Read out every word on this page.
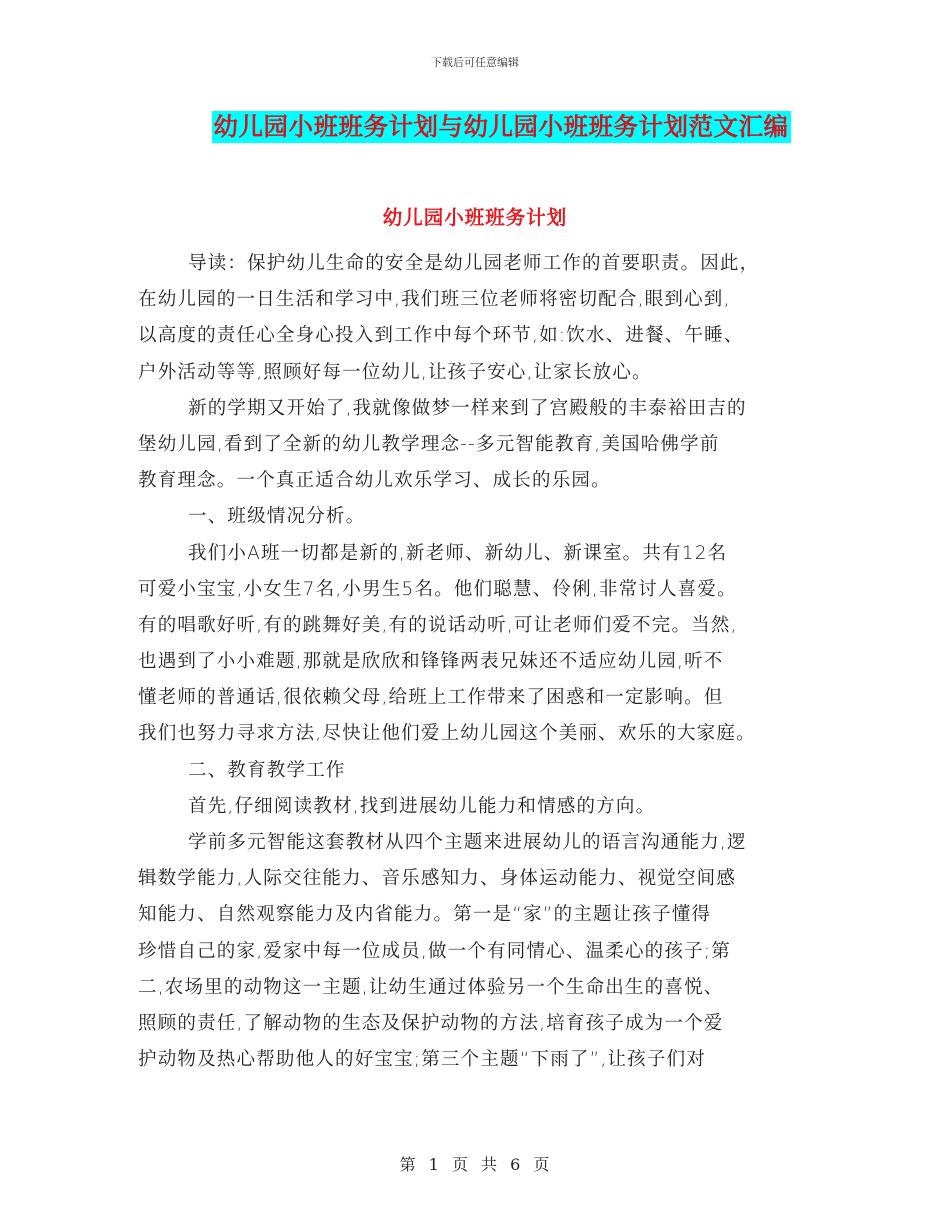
下载后可任意编辑
幼儿园小班班务计划与幼儿园小班班务计划范文汇编
幼儿园小班班务计划
导读：保护幼儿生命的安全是幼儿园老师工作的首要职责。因此，
在幼儿园的一日生活和学习中,我们班三位老师将密切配合,眼到心到,
以高度的责任心全身心投入到工作中每个环节,如:饮水、进餐、午睡、
户外活动等等,照顾好每一位幼儿,让孩子安心,让家长放心。
新的学期又开始了,我就像做梦一样来到了宫殿般的丰泰裕田吉的
堡幼儿园,看到了全新的幼儿教学理念--多元智能教育,美国哈佛学前
教育理念。一个真正适合幼儿欢乐学习、成长的乐园。
一、班级情况分析。
我们小A班一切都是新的,新老师、新幼儿、新课室。共有12名
可爱小宝宝,小女生7名,小男生5名。他们聪慧、伶俐,非常讨人喜爱。
有的唱歌好听,有的跳舞好美,有的说话动听,可让老师们爱不完。当然,
也遇到了小小难题,那就是欣欣和锋锋两表兄妹还不适应幼儿园,听不
懂老师的普通话,很依赖父母,给班上工作带来了困惑和一定影响。但
我们也努力寻求方法,尽快让他们爱上幼儿园这个美丽、欢乐的大家庭。
二、教育教学工作
首先,仔细阅读教材,找到进展幼儿能力和情感的方向。
学前多元智能这套教材从四个主题来进展幼儿的语言沟通能力,逻
辑数学能力,人际交往能力、音乐感知力、身体运动能力、视觉空间感
知能力、自然观察能力及内省能力。第一是“家”的主题让孩子懂得
珍惜自己的家,爱家中每一位成员,做一个有同情心、温柔心的孩子;第
二,农场里的动物这一主题,让幼生通过体验另一个生命出生的喜悦、
照顾的责任,了解动物的生态及保护动物的方法,培育孩子成为一个爱
护动物及热心帮助他人的好宝宝;第三个主题“下雨了”,让孩子们对
第 1 页 共 6 页
